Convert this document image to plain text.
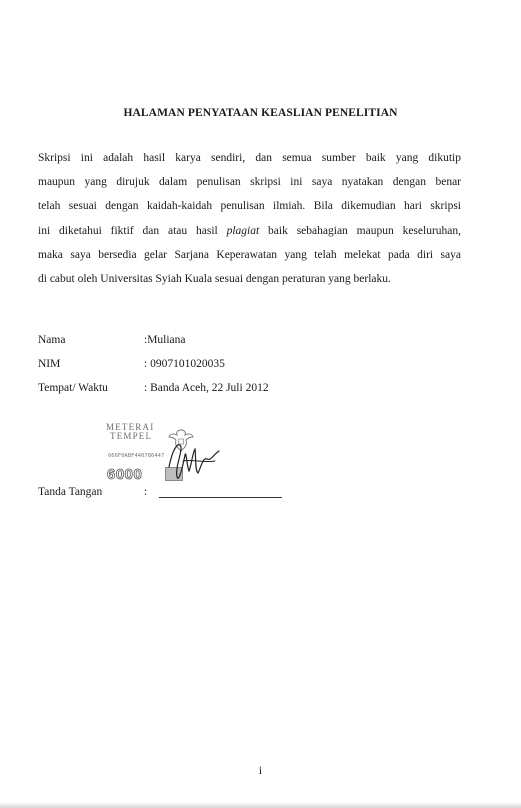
HALAMAN PENYATAAN KEASLIAN PENELITIAN
Skripsi ini adalah hasil karya sendiri, dan semua sumber baik yang dikutip
maupun yang dirujuk dalam penulisan skripsi ini saya nyatakan dengan benar
telah sesuai dengan kaidah-kaidah penulisan ilmiah. Bila dikemudian hari skripsi
ini diketahui fiktif dan atau hasil plagiat baik sebahagian maupun keseluruhan,
maka saya bersedia gelar Sarjana Keperawatan yang telah melekat pada diri saya
di cabut oleh Universitas Syiah Kuala sesuai dengan peraturan yang berlaku.
Nama	:Muliana
NIM	: 0907101020035
Tempat/ Waktu	: Banda Aceh, 22 Juli 2012
METERAI
TEMPEL
666F0ABF440786447
6000
Tanda Tangan	:
i
